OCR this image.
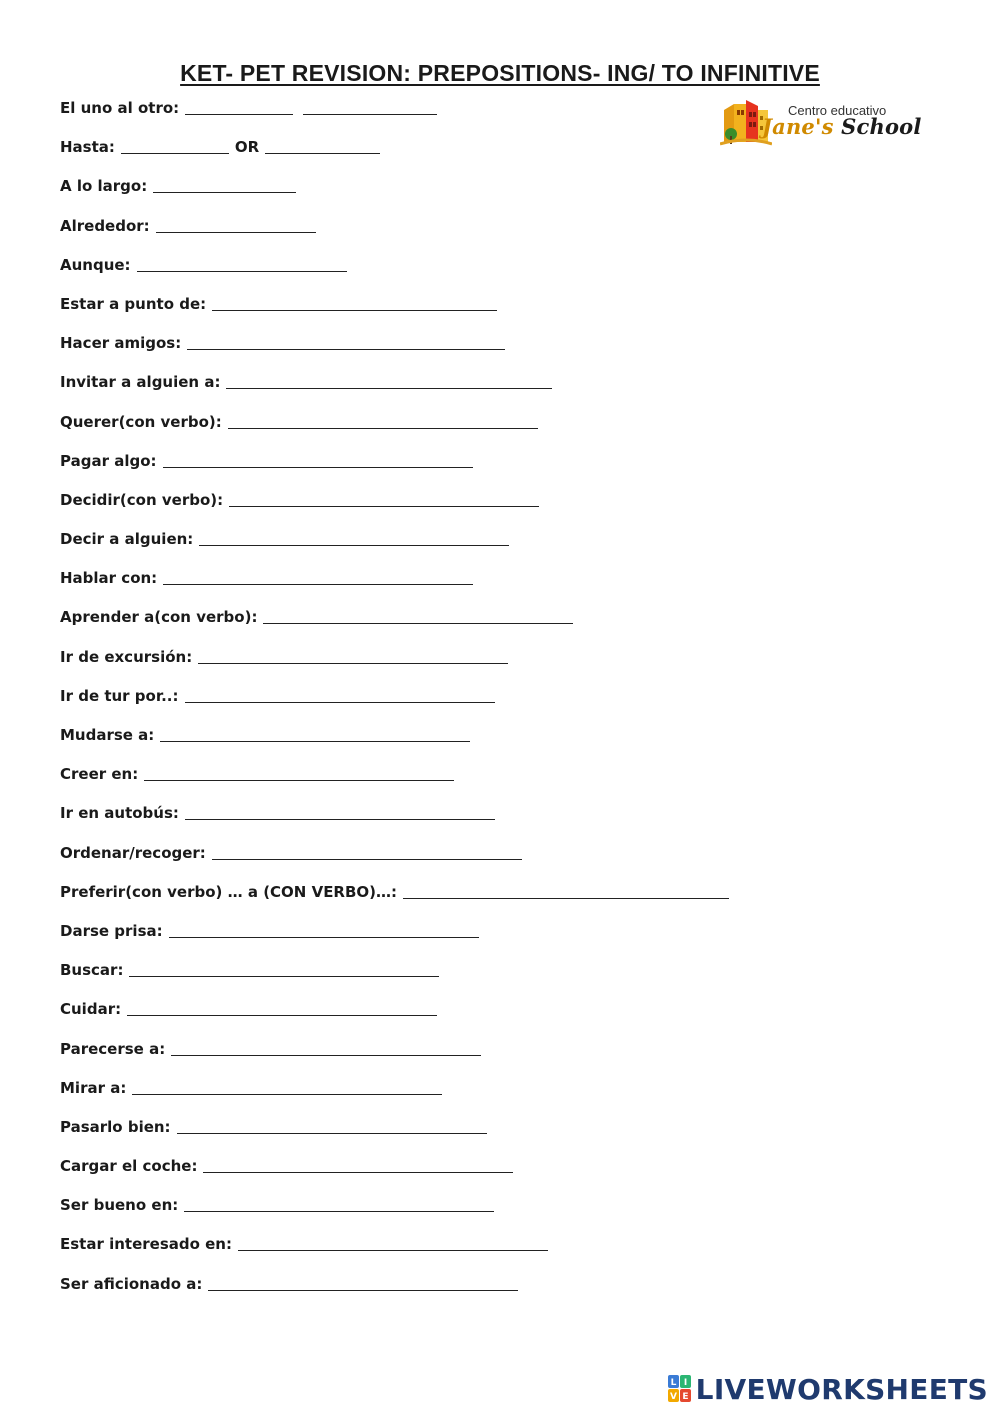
KET- PET REVISION: PREPOSITIONS- ING/ TO INFINITIVE
Centro educativo
Jane's School
El uno al otro:
Hasta:	OR
A lo largo:
Alrededor:
Aunque:
Estar a punto de:
Hacer amigos:
Invitar a alguien a:
Querer(con verbo):
Pagar algo:
Decidir(con verbo):
Decir a alguien:
Hablar con:
Aprender a(con verbo):
Ir de excursión:
Ir de tur por..:
Mudarse a:
Creer en:
Ir en autobús:
Ordenar/recoger:
Preferir(con verbo) … a (CON VERBO)…:
Darse prisa:
Buscar:
Cuidar:
Parecerse a:
Mirar a:
Pasarlo bien:
Cargar el coche:
Ser bueno en:
Estar interesado en:
Ser aficionado a:
L I
V E LIVEWORKSHEETS
